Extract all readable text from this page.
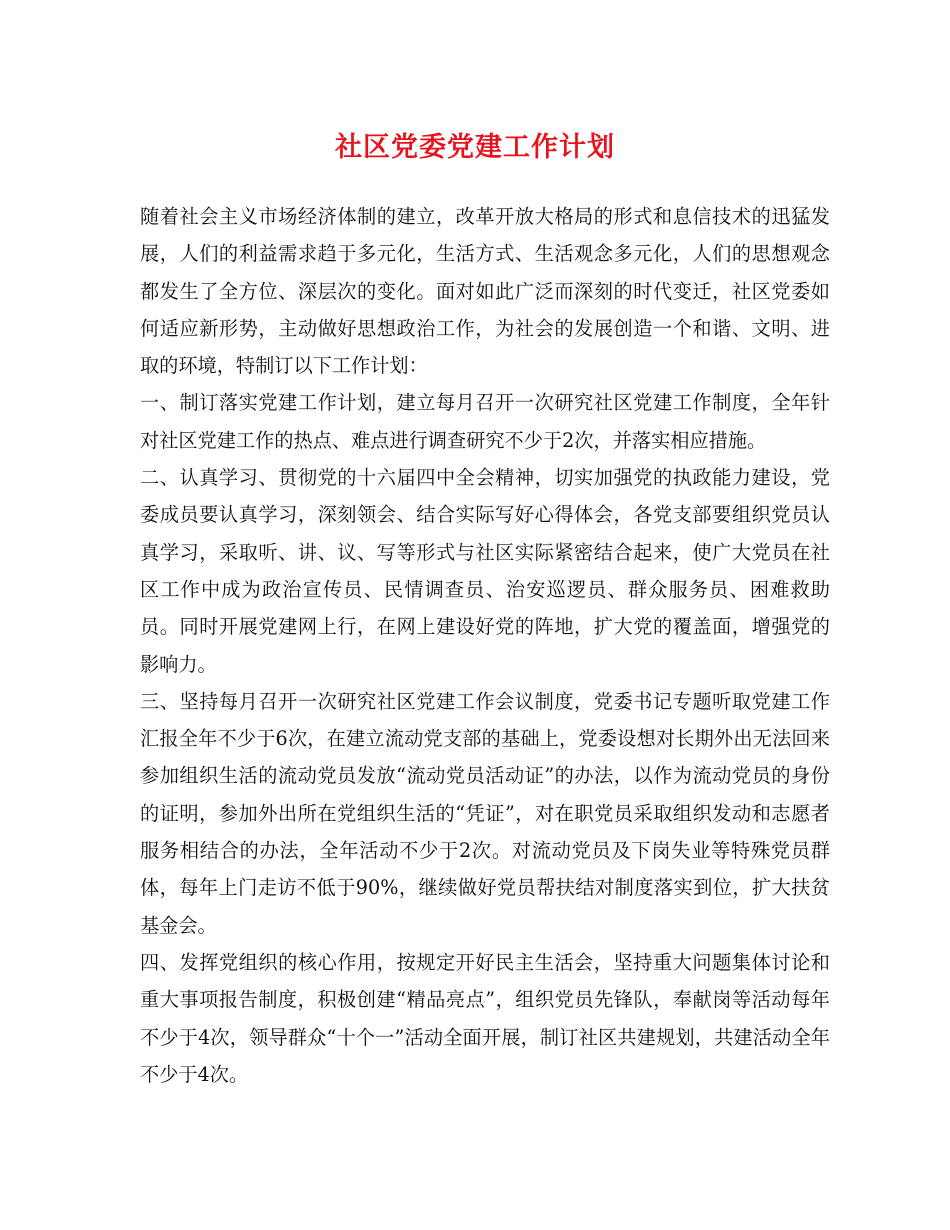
社区党委党建工作计划

随着社会主义市场经济体制的建立，改革开放大格局的形式和息信技术的迅猛发展，人们的利益需求趋于多元化，生活方式、生活观念多元化，人们的思想观念都发生了全方位、深层次的变化。面对如此广泛而深刻的时代变迁，社区党委如何适应新形势，主动做好思想政治工作，为社会的发展创造一个和谐、文明、进取的环境，特制订以下工作计划：

一、制订落实党建工作计划，建立每月召开一次研究社区党建工作制度，全年针对社区党建工作的热点、难点进行调查研究不少于2次，并落实相应措施。

二、认真学习、贯彻党的十六届四中全会精神，切实加强党的执政能力建设，党委成员要认真学习，深刻领会、结合实际写好心得体会，各党支部要组织党员认真学习，采取听、讲、议、写等形式与社区实际紧密结合起来，使广大党员在社区工作中成为政治宣传员、民情调查员、治安巡逻员、群众服务员、困难救助员。同时开展党建网上行，在网上建设好党的阵地，扩大党的覆盖面，增强党的影响力。

三、坚持每月召开一次研究社区党建工作会议制度，党委书记专题听取党建工作汇报全年不少于6次，在建立流动党支部的基础上，党委设想对长期外出无法回来参加组织生活的流动党员发放“流动党员活动证”的办法，以作为流动党员的身份的证明，参加外出所在党组织生活的“凭证”，对在职党员采取组织发动和志愿者服务相结合的办法，全年活动不少于2次。对流动党员及下岗失业等特殊党员群体，每年上门走访不低于90%，继续做好党员帮扶结对制度落实到位，扩大扶贫基金会。

四、发挥党组织的核心作用，按规定开好民主生活会，坚持重大问题集体讨论和重大事项报告制度，积极创建“精品亮点”，组织党员先锋队，奉献岗等活动每年不少于4次，领导群众“十个一”活动全面开展，制订社区共建规划，共建活动全年不少于4次。
